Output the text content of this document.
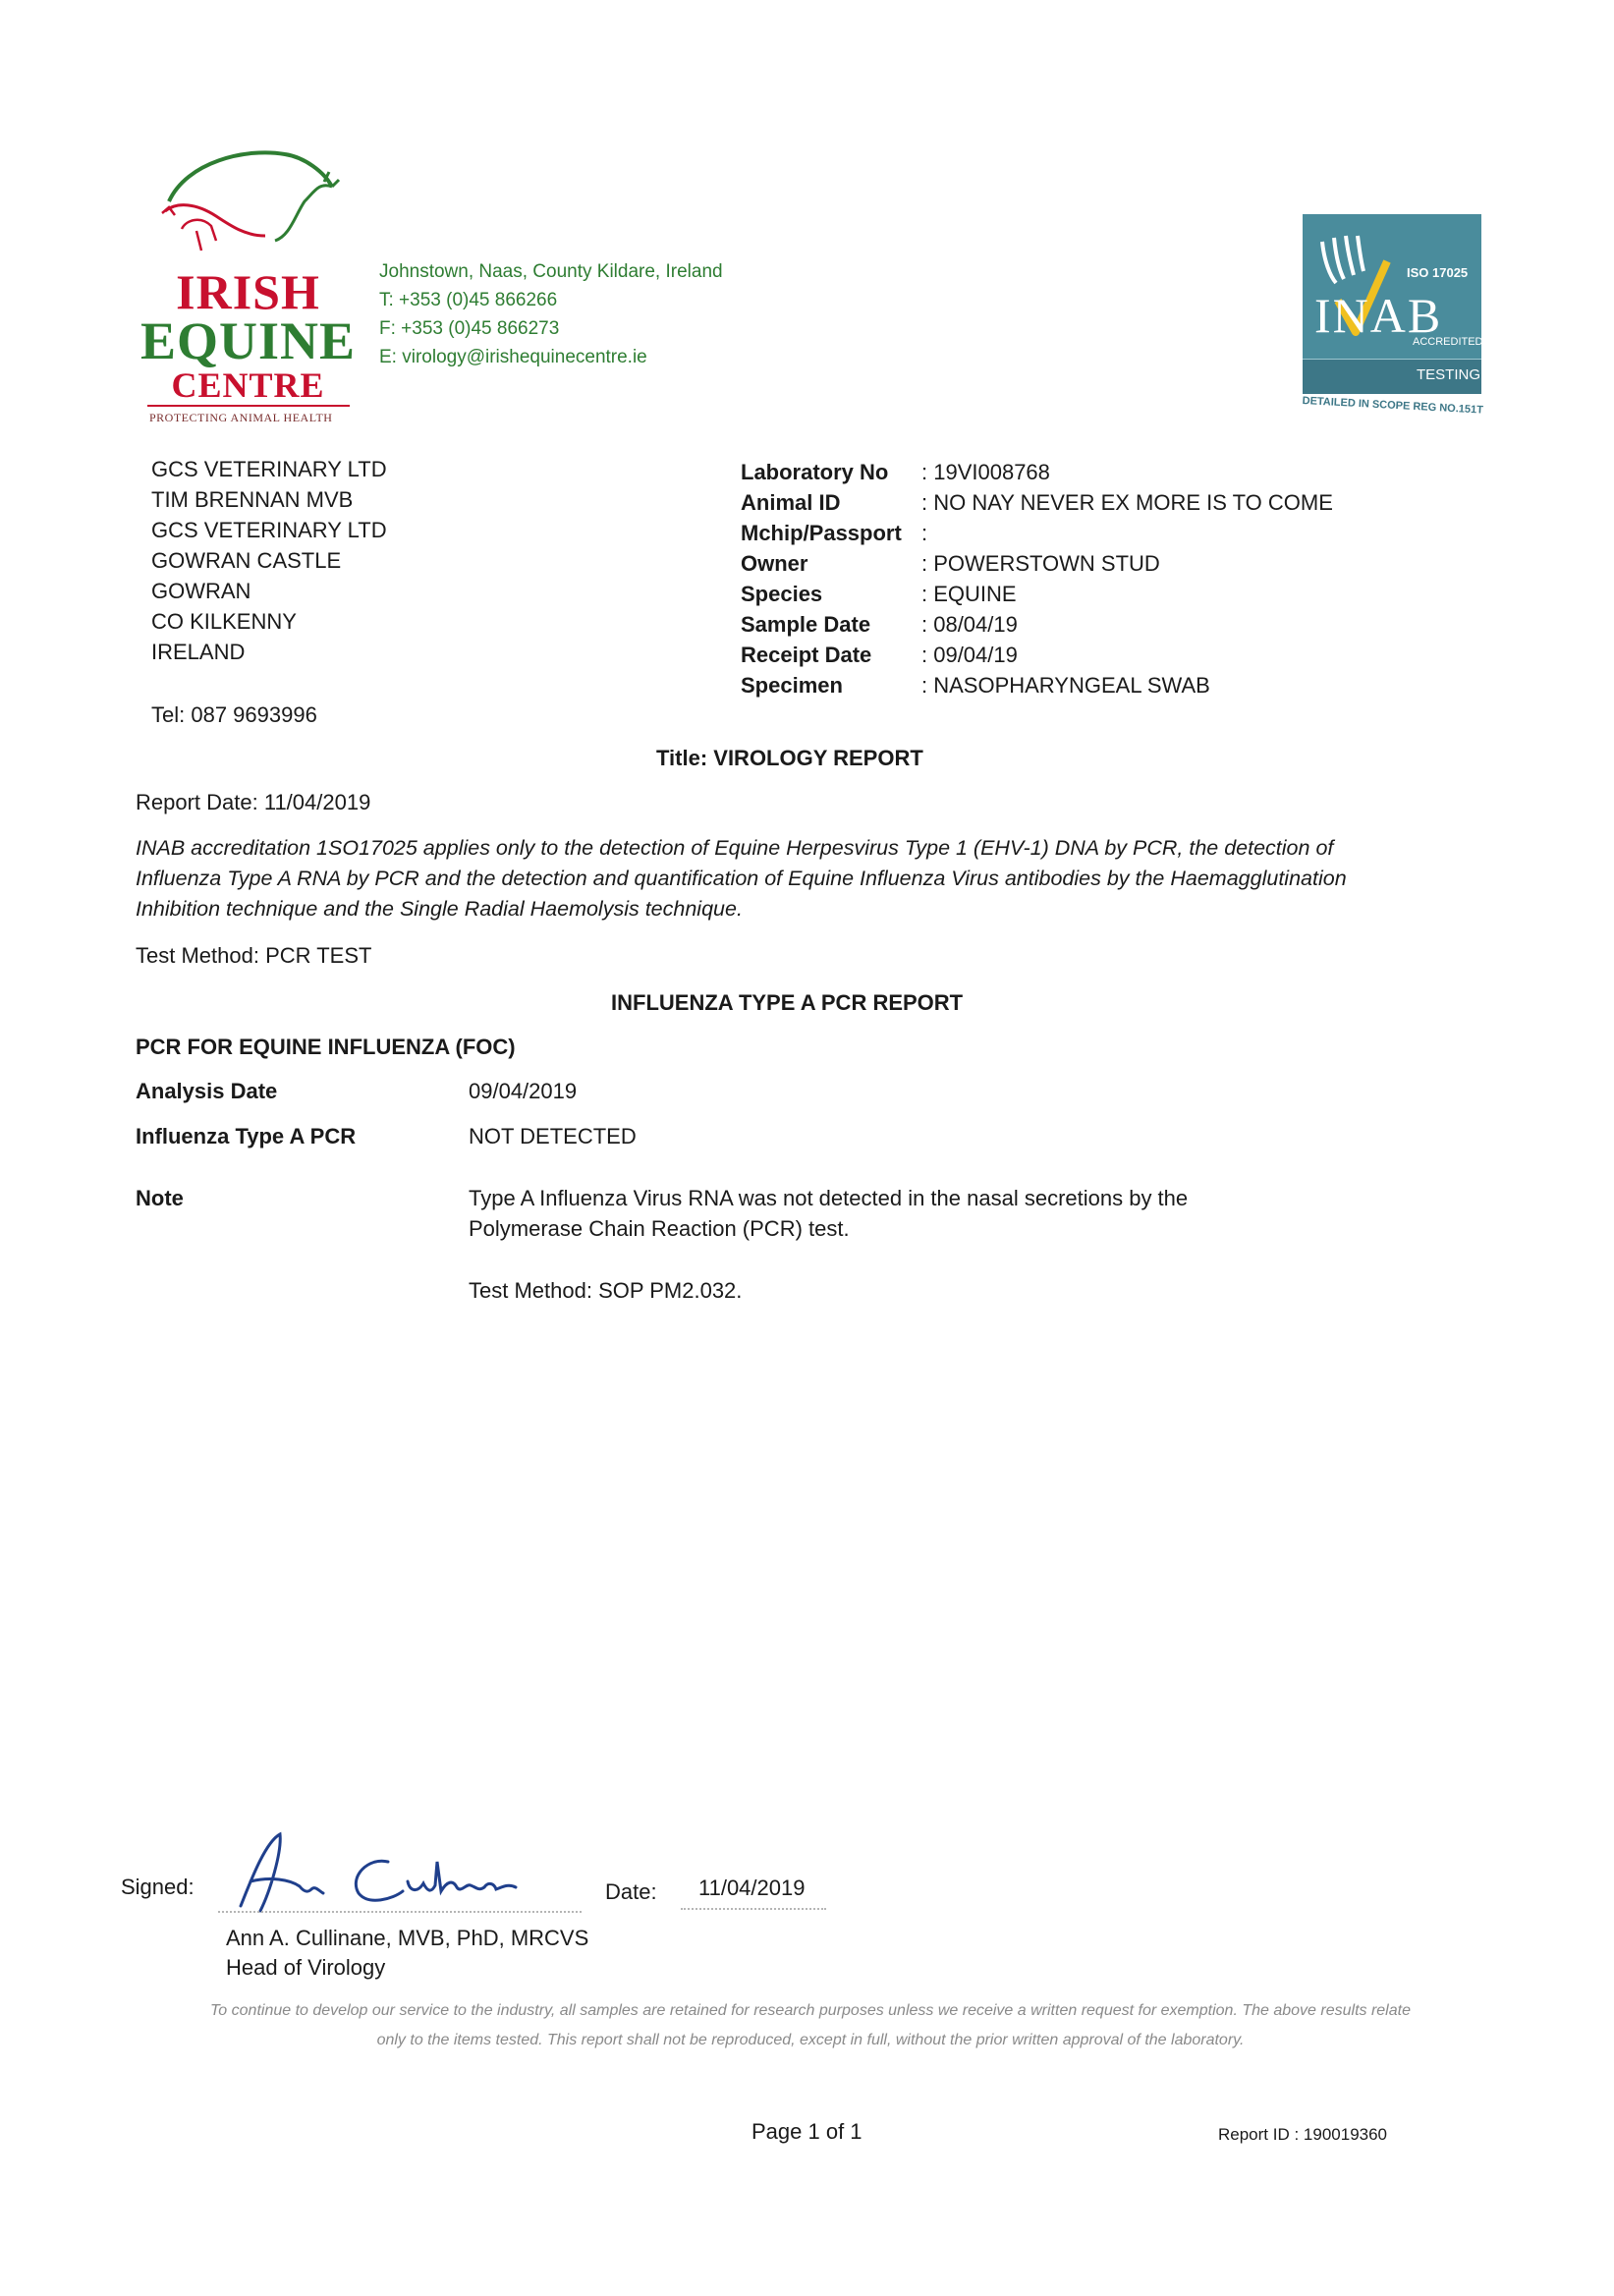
IRISH
EQUINE
CENTRE
PROTECTING ANIMAL HEALTH
Johnstown, Naas, County Kildare, Ireland
T: +353 (0)45 866266
F: +353 (0)45 866273
E: virology@irishequinecentre.ie
ISO 17025
INAB
ACCREDITED
TESTING
DETAILED IN SCOPE REG NO.151T
GCS VETERINARY LTD
TIM BRENNAN MVB
GCS VETERINARY LTD
GOWRAN CASTLE
GOWRAN
CO KILKENNY
IRELAND
Tel: 087 9693996
Laboratory No	: 19VI008768
Animal ID	: NO NAY NEVER EX MORE IS TO COME
Mchip/Passport :
Owner	: POWERSTOWN STUD
Species	: EQUINE
Sample Date	: 08/04/19
Receipt Date	: 09/04/19
Specimen	: NASOPHARYNGEAL SWAB
Title: VIROLOGY REPORT
Report Date: 11/04/2019
INAB accreditation 1SO17025 applies only to the detection of Equine Herpesvirus Type 1 (EHV-1) DNA by PCR, the detection of Influenza Type A RNA by PCR and the detection and quantification of Equine Influenza Virus antibodies by the Haemagglutination Inhibition technique and the Single Radial Haemolysis technique.
Test Method: PCR TEST
INFLUENZA TYPE A PCR REPORT
PCR FOR EQUINE INFLUENZA (FOC)
Analysis Date	09/04/2019
Influenza Type A PCR	NOT DETECTED
Note	Type A Influenza Virus RNA was not detected in the nasal secretions by the Polymerase Chain Reaction (PCR) test.
Test Method: SOP PM2.032.
Signed:	Date: 11/04/2019
Ann A. Cullinane, MVB, PhD, MRCVS
Head of Virology
To continue to develop our service to the industry, all samples are retained for research purposes unless we receive a written request for exemption. The above results relate only to the items tested. This report shall not be reproduced, except in full, without the prior written approval of the laboratory.
Page 1 of 1	Report ID : 190019360
